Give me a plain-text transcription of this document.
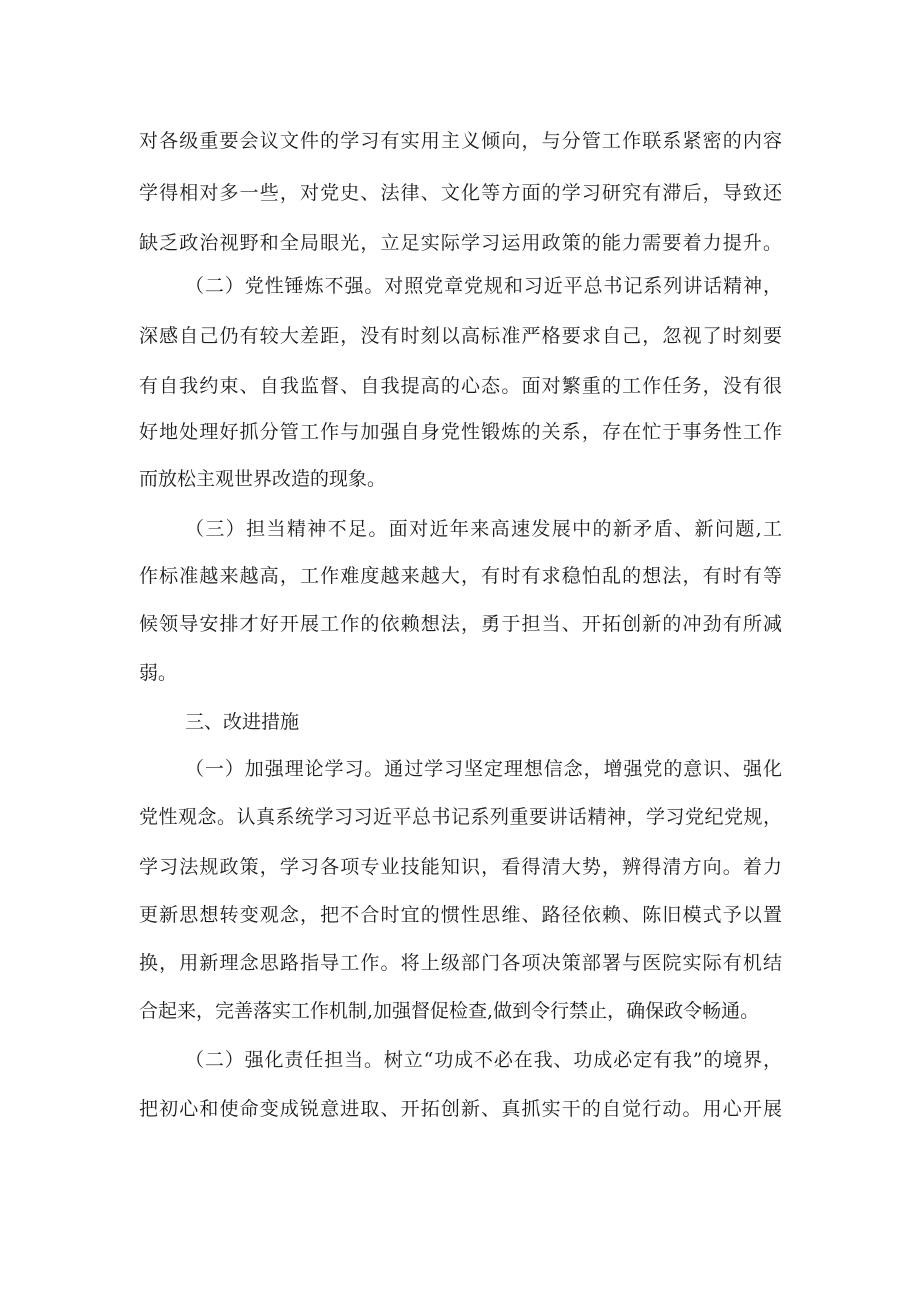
对各级重要会议文件的学习有实用主义倾向，与分管工作联系紧密的内容
学得相对多一些，对党史、法律、文化等方面的学习研究有滞后，导致还
缺乏政治视野和全局眼光，立足实际学习运用政策的能力需要着力提升。
（二）党性锤炼不强。对照党章党规和习近平总书记系列讲话精神，
深感自己仍有较大差距，没有时刻以高标准严格要求自己，忽视了时刻要
有自我约束、自我监督、自我提高的心态。面对繁重的工作任务，没有很
好地处理好抓分管工作与加强自身党性锻炼的关系，存在忙于事务性工作
而放松主观世界改造的现象。
（三）担当精神不足。面对近年来高速发展中的新矛盾、新问题,工
作标准越来越高，工作难度越来越大，有时有求稳怕乱的想法，有时有等
候领导安排才好开展工作的依赖想法，勇于担当、开拓创新的冲劲有所减
弱。
三、改进措施
（一）加强理论学习。通过学习坚定理想信念，增强党的意识、强化
党性观念。认真系统学习习近平总书记系列重要讲话精神，学习党纪党规，
学习法规政策，学习各项专业技能知识，看得清大势，辨得清方向。着力
更新思想转变观念，把不合时宜的惯性思维、路径依赖、陈旧模式予以置
换，用新理念思路指导工作。将上级部门各项决策部署与医院实际有机结
合起来，完善落实工作机制,加强督促检查,做到令行禁止，确保政令畅通。
（二）强化责任担当。树立“功成不必在我、功成必定有我”的境界，
把初心和使命变成锐意进取、开拓创新、真抓实干的自觉行动。用心开展
